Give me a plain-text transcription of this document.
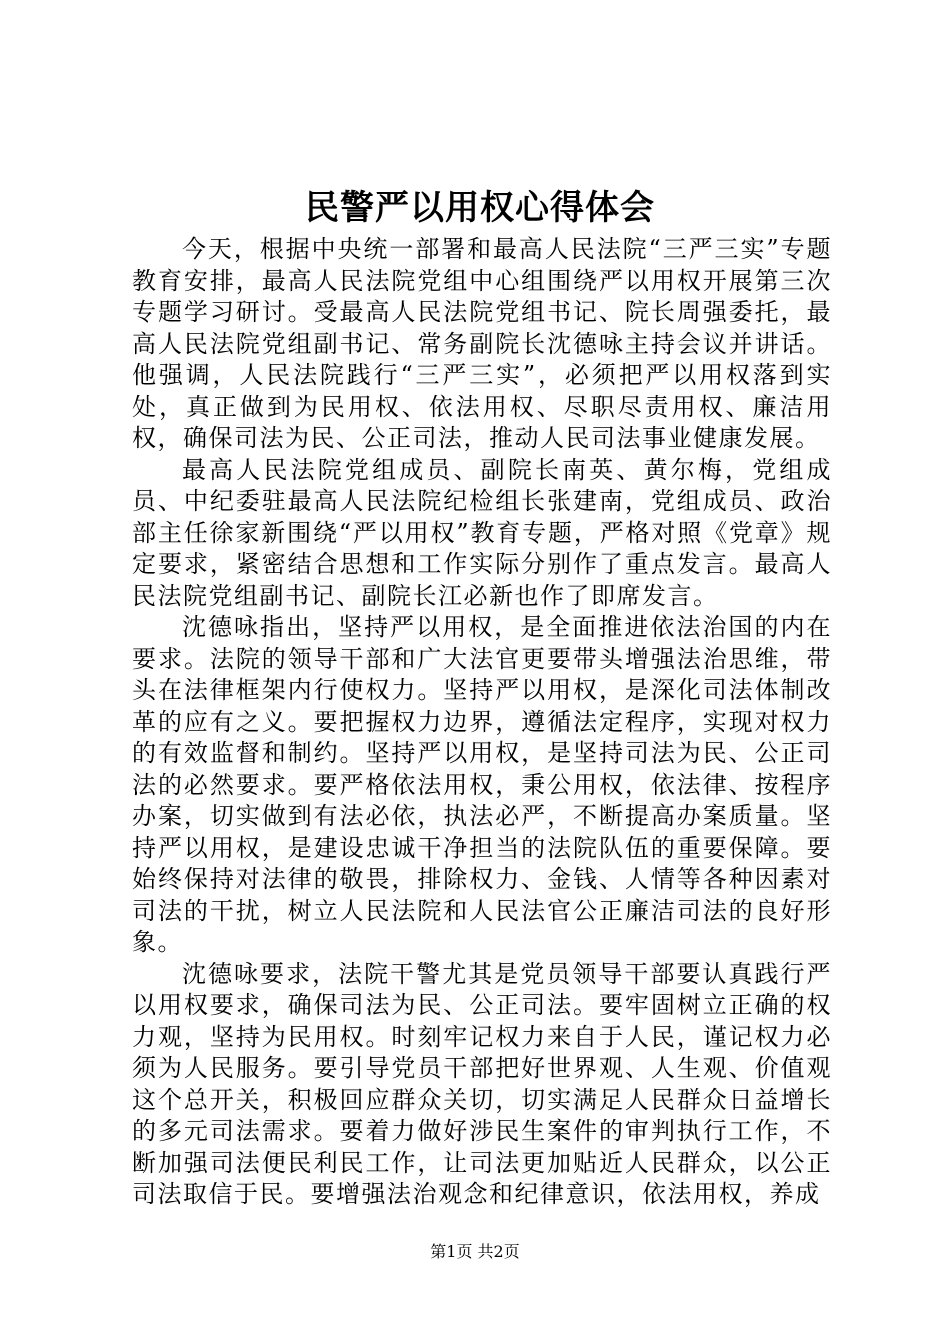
民警严以用权心得体会

今天，根据中央统一部署和最高人民法院“三严三实”专题教育安排，最高人民法院党组中心组围绕严以用权开展第三次专题学习研讨。受最高人民法院党组书记、院长周强委托，最高人民法院党组副书记、常务副院长沈德咏主持会议并讲话。他强调，人民法院践行“三严三实”，必须把严以用权落到实处，真正做到为民用权、依法用权、尽职尽责用权、廉洁用权，确保司法为民、公正司法，推动人民司法事业健康发展。

最高人民法院党组成员、副院长南英、黄尔梅，党组成员、中纪委驻最高人民法院纪检组长张建南，党组成员、政治部主任徐家新围绕“严以用权”教育专题，严格对照《党章》规定要求，紧密结合思想和工作实际分别作了重点发言。最高人民法院党组副书记、副院长江必新也作了即席发言。

沈德咏指出，坚持严以用权，是全面推进依法治国的内在要求。法院的领导干部和广大法官更要带头增强法治思维，带头在法律框架内行使权力。坚持严以用权，是深化司法体制改革的应有之义。要把握权力边界，遵循法定程序，实现对权力的有效监督和制约。坚持严以用权，是坚持司法为民、公正司法的必然要求。要严格依法用权，秉公用权，依法律、按程序办案，切实做到有法必依，执法必严，不断提高办案质量。坚持严以用权，是建设忠诚干净担当的法院队伍的重要保障。要始终保持对法律的敬畏，排除权力、金钱、人情等各种因素对司法的干扰，树立人民法院和人民法官公正廉洁司法的良好形象。

沈德咏要求，法院干警尤其是党员领导干部要认真践行严以用权要求，确保司法为民、公正司法。要牢固树立正确的权力观，坚持为民用权。时刻牢记权力来自于人民，谨记权力必须为人民服务。要引导党员干部把好世界观、人生观、价值观这个总开关，积极回应群众关切，切实满足人民群众日益增长的多元司法需求。要着力做好涉民生案件的审判执行工作，不断加强司法便民利民工作，让司法更加贴近人民群众，以公正司法取信于民。要增强法治观念和纪律意识，依法用权，养成

第1页 共2页
